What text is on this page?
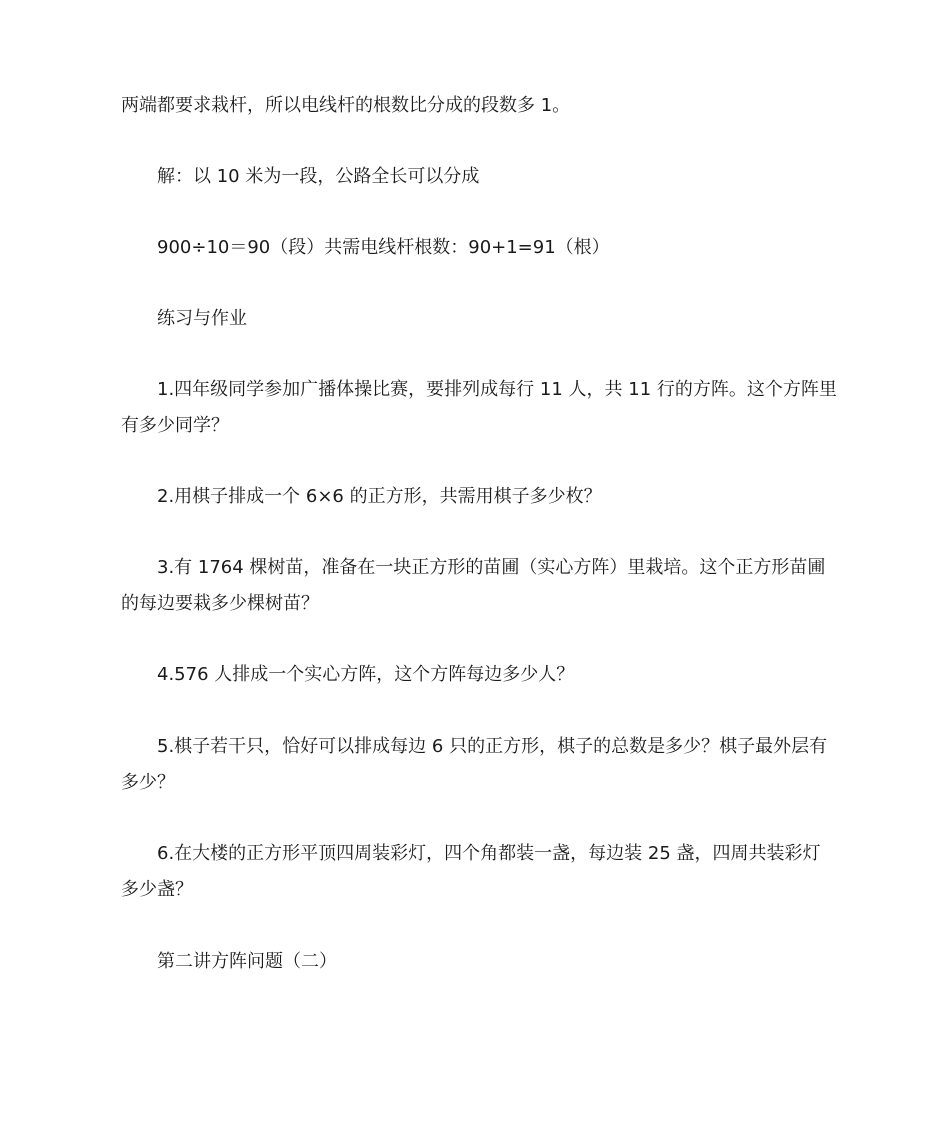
两端都要求栽杆，所以电线杆的根数比分成的段数多 1。
解：以 10 米为一段，公路全长可以分成
900÷10＝90（段）共需电线杆根数：90+1=91（根）
练习与作业
1.四年级同学参加广播体操比赛，要排列成每行 11 人，共 11 行的方阵。这个方阵里
有多少同学？
2.用棋子排成一个 6×6 的正方形，共需用棋子多少枚？
3.有 1764 棵树苗，准备在一块正方形的苗圃（实心方阵）里栽培。这个正方形苗圃
的每边要栽多少棵树苗？
4.576 人排成一个实心方阵，这个方阵每边多少人？
5.棋子若干只，恰好可以排成每边 6 只的正方形，棋子的总数是多少？棋子最外层有
多少？
6.在大楼的正方形平顶四周装彩灯，四个角都装一盏，每边装 25 盏，四周共装彩灯
多少盏？
第二讲方阵问题（二）
